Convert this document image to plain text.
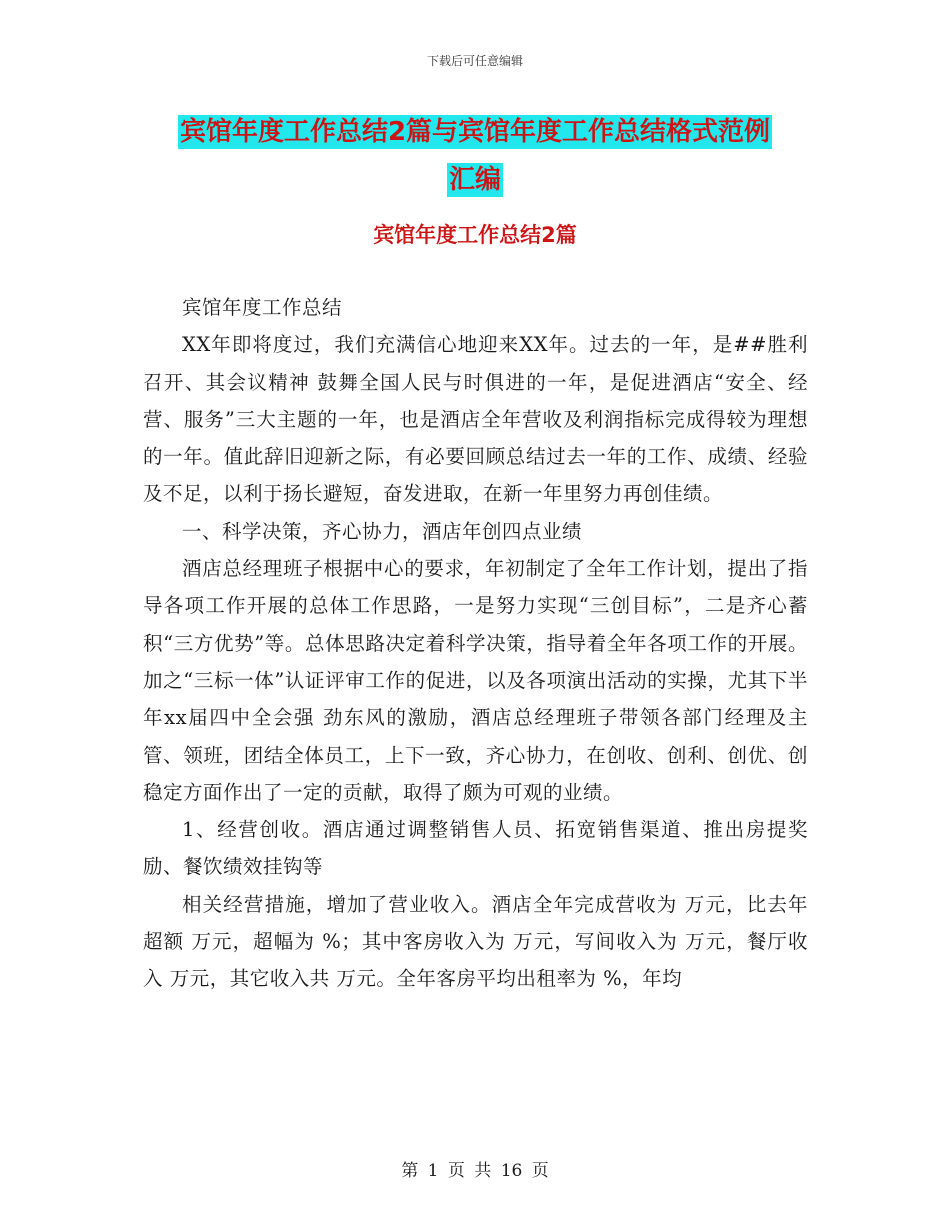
下载后可任意编辑
宾馆年度工作总结2篇与宾馆年度工作总结格式范例
汇编
宾馆年度工作总结2篇

宾馆年度工作总结

XX年即将度过，我们充满信心地迎来XX年。过去的一年，是##胜利召开、其会议精神 鼓舞全国人民与时俱进的一年，是促进酒店“安全、经营、服务”三大主题的一年，也是酒店全年营收及利润指标完成得较为理想的一年。值此辞旧迎新之际，有必要回顾总结过去一年的工作、成绩、经验及不足，以利于扬长避短，奋发进取，在新一年里努力再创佳绩。

一、科学决策，齐心协力，酒店年创四点业绩

酒店总经理班子根据中心的要求，年初制定了全年工作计划，提出了指导各项工作开展的总体工作思路，一是努力实现“三创目标”，二是齐心蓄积“三方优势”等。总体思路决定着科学决策，指导着全年各项工作的开展。加之“三标一体”认证评审工作的促进，以及各项演出活动的实操，尤其下半年xx届四中全会强 劲东风的激励，酒店总经理班子带领各部门经理及主管、领班，团结全体员工，上下一致，齐心协力，在创收、创利、创优、创稳定方面作出了一定的贡献，取得了颇为可观的业绩。

1、经营创收。酒店通过调整销售人员、拓宽销售渠道、推出房提奖励、餐饮绩效挂钩等

相关经营措施，增加了营业收入。酒店全年完成营收为 万元，比去年超额 万元，超幅为 %；其中客房收入为 万元，写间收入为 万元，餐厅收入 万元，其它收入共 万元。全年客房平均出租率为 %，年均

第 1 页 共 16 页
